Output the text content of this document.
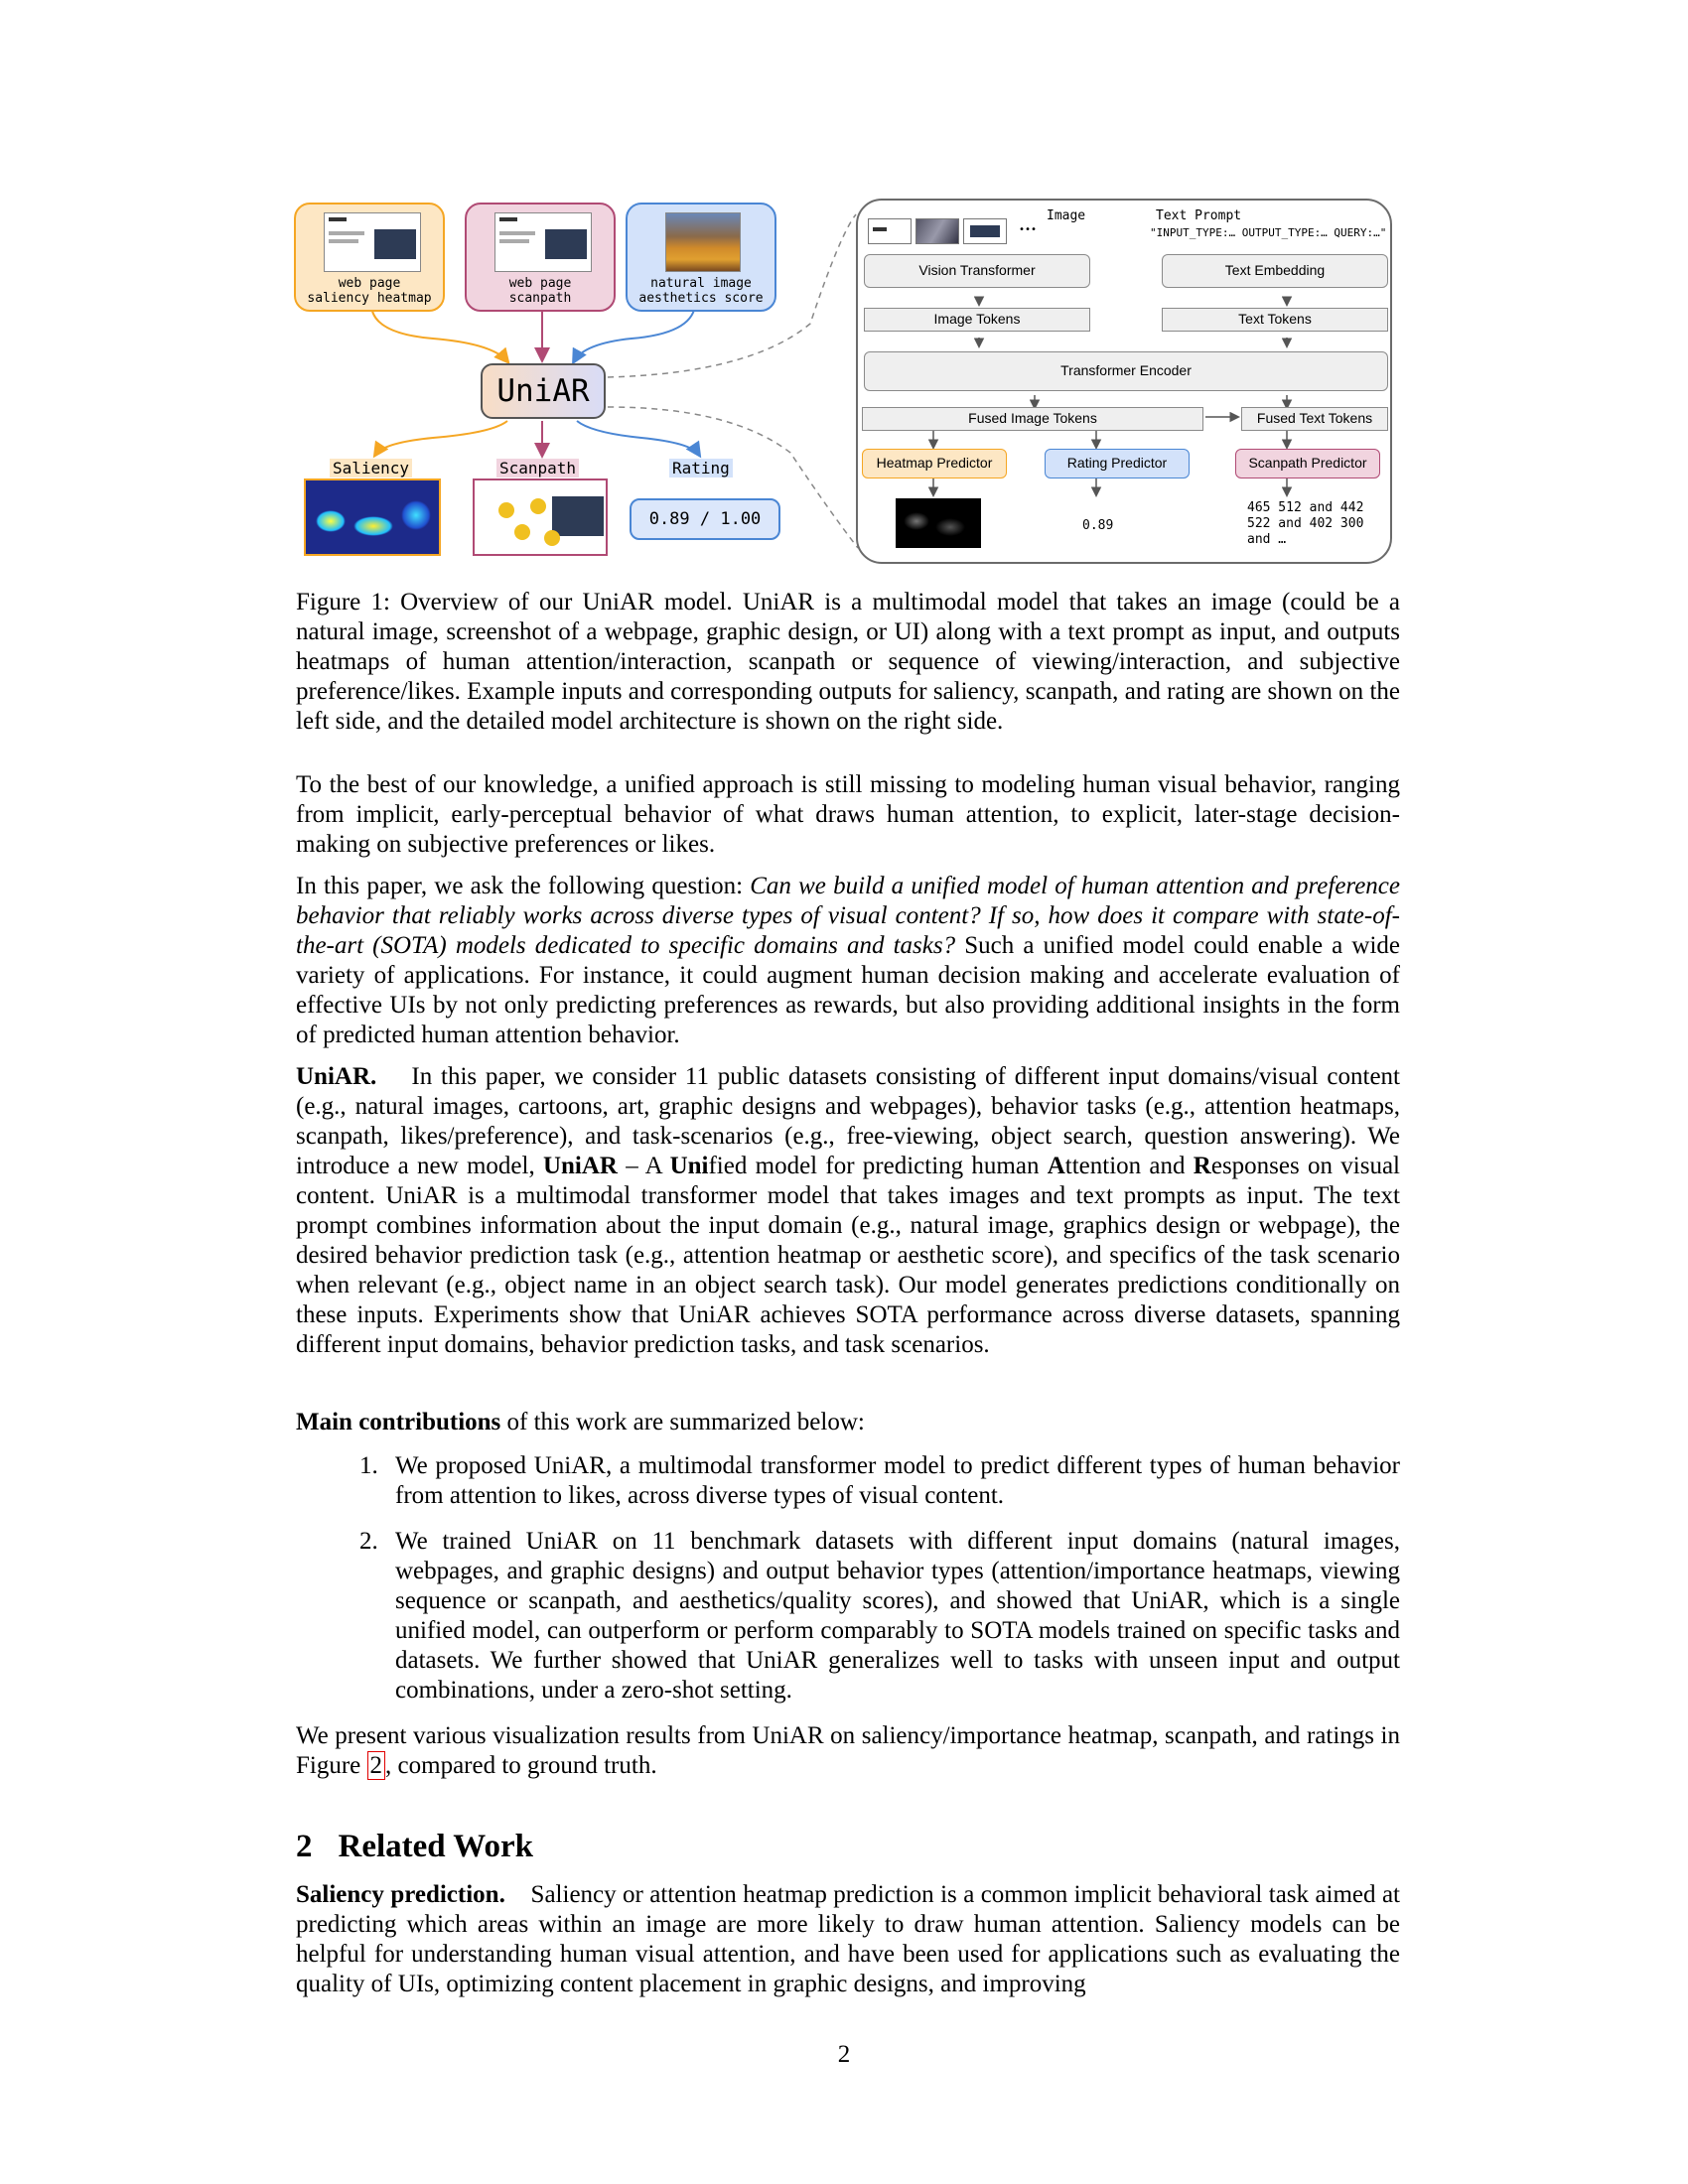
web page
saliency heatmap
web page
scanpath
natural image
aesthetics score
UniAR
Saliency	Scanpath	Rating
0.89 / 1.00
•••
Image	Text Prompt
"INPUT_TYPE:… OUTPUT_TYPE:… QUERY:…"
Vision Transformer	Text Embedding
Image Tokens	Text Tokens
Transformer Encoder
Fused Image Tokens	Fused Text Tokens
Heatmap Predictor	Rating Predictor	Scanpath Predictor
0.89
465 512 and 442
522 and 402 300
and …

Figure 1: Overview of our UniAR model. UniAR is a multimodal model that takes an image (could be a natural image, screenshot of a webpage, graphic design, or UI) along with a text prompt as input, and outputs heatmaps of human attention/interaction, scanpath or sequence of viewing/interaction, and subjective preference/likes. Example inputs and corresponding outputs for saliency, scanpath, and rating are shown on the left side, and the detailed model architecture is shown on the right side.

To the best of our knowledge, a unified approach is still missing to modeling human visual behavior, ranging from implicit, early-perceptual behavior of what draws human attention, to explicit, later-stage decision-making on subjective preferences or likes.

In this paper, we ask the following question: Can we build a unified model of human attention and preference behavior that reliably works across diverse types of visual content? If so, how does it compare with state-of-the-art (SOTA) models dedicated to specific domains and tasks? Such a unified model could enable a wide variety of applications. For instance, it could augment human decision making and accelerate evaluation of effective UIs by not only predicting preferences as rewards, but also providing additional insights in the form of predicted human attention behavior.

UniAR. In this paper, we consider 11 public datasets consisting of different input domains/visual content (e.g., natural images, cartoons, art, graphic designs and webpages), behavior tasks (e.g., attention heatmaps, scanpath, likes/preference), and task-scenarios (e.g., free-viewing, object search, question answering). We introduce a new model, UniAR – A Unified model for predicting human Attention and Responses on visual content. UniAR is a multimodal transformer model that takes images and text prompts as input. The text prompt combines information about the input domain (e.g., natural image, graphics design or webpage), the desired behavior prediction task (e.g., attention heatmap or aesthetic score), and specifics of the task scenario when relevant (e.g., object name in an object search task). Our model generates predictions conditionally on these inputs. Experiments show that UniAR achieves SOTA performance across diverse datasets, spanning different input domains, behavior prediction tasks, and task scenarios.

Main contributions of this work are summarized below:

1. We proposed UniAR, a multimodal transformer model to predict different types of human behavior from attention to likes, across diverse types of visual content.
2. We trained UniAR on 11 benchmark datasets with different input domains (natural images, webpages, and graphic designs) and output behavior types (attention/importance heatmaps, viewing sequence or scanpath, and aesthetics/quality scores), and showed that UniAR, which is a single unified model, can outperform or perform comparably to SOTA models trained on specific tasks and datasets. We further showed that UniAR generalizes well to tasks with unseen input and output combinations, under a zero-shot setting.

We present various visualization results from UniAR on saliency/importance heatmap, scanpath, and ratings in Figure 2 , compared to ground truth.

2 Related Work

Saliency prediction. Saliency or attention heatmap prediction is a common implicit behavioral task aimed at predicting which areas within an image are more likely to draw human attention. Saliency models can be helpful for understanding human visual attention, and have been used for applications such as evaluating the quality of UIs, optimizing content placement in graphic designs, and improving

2
